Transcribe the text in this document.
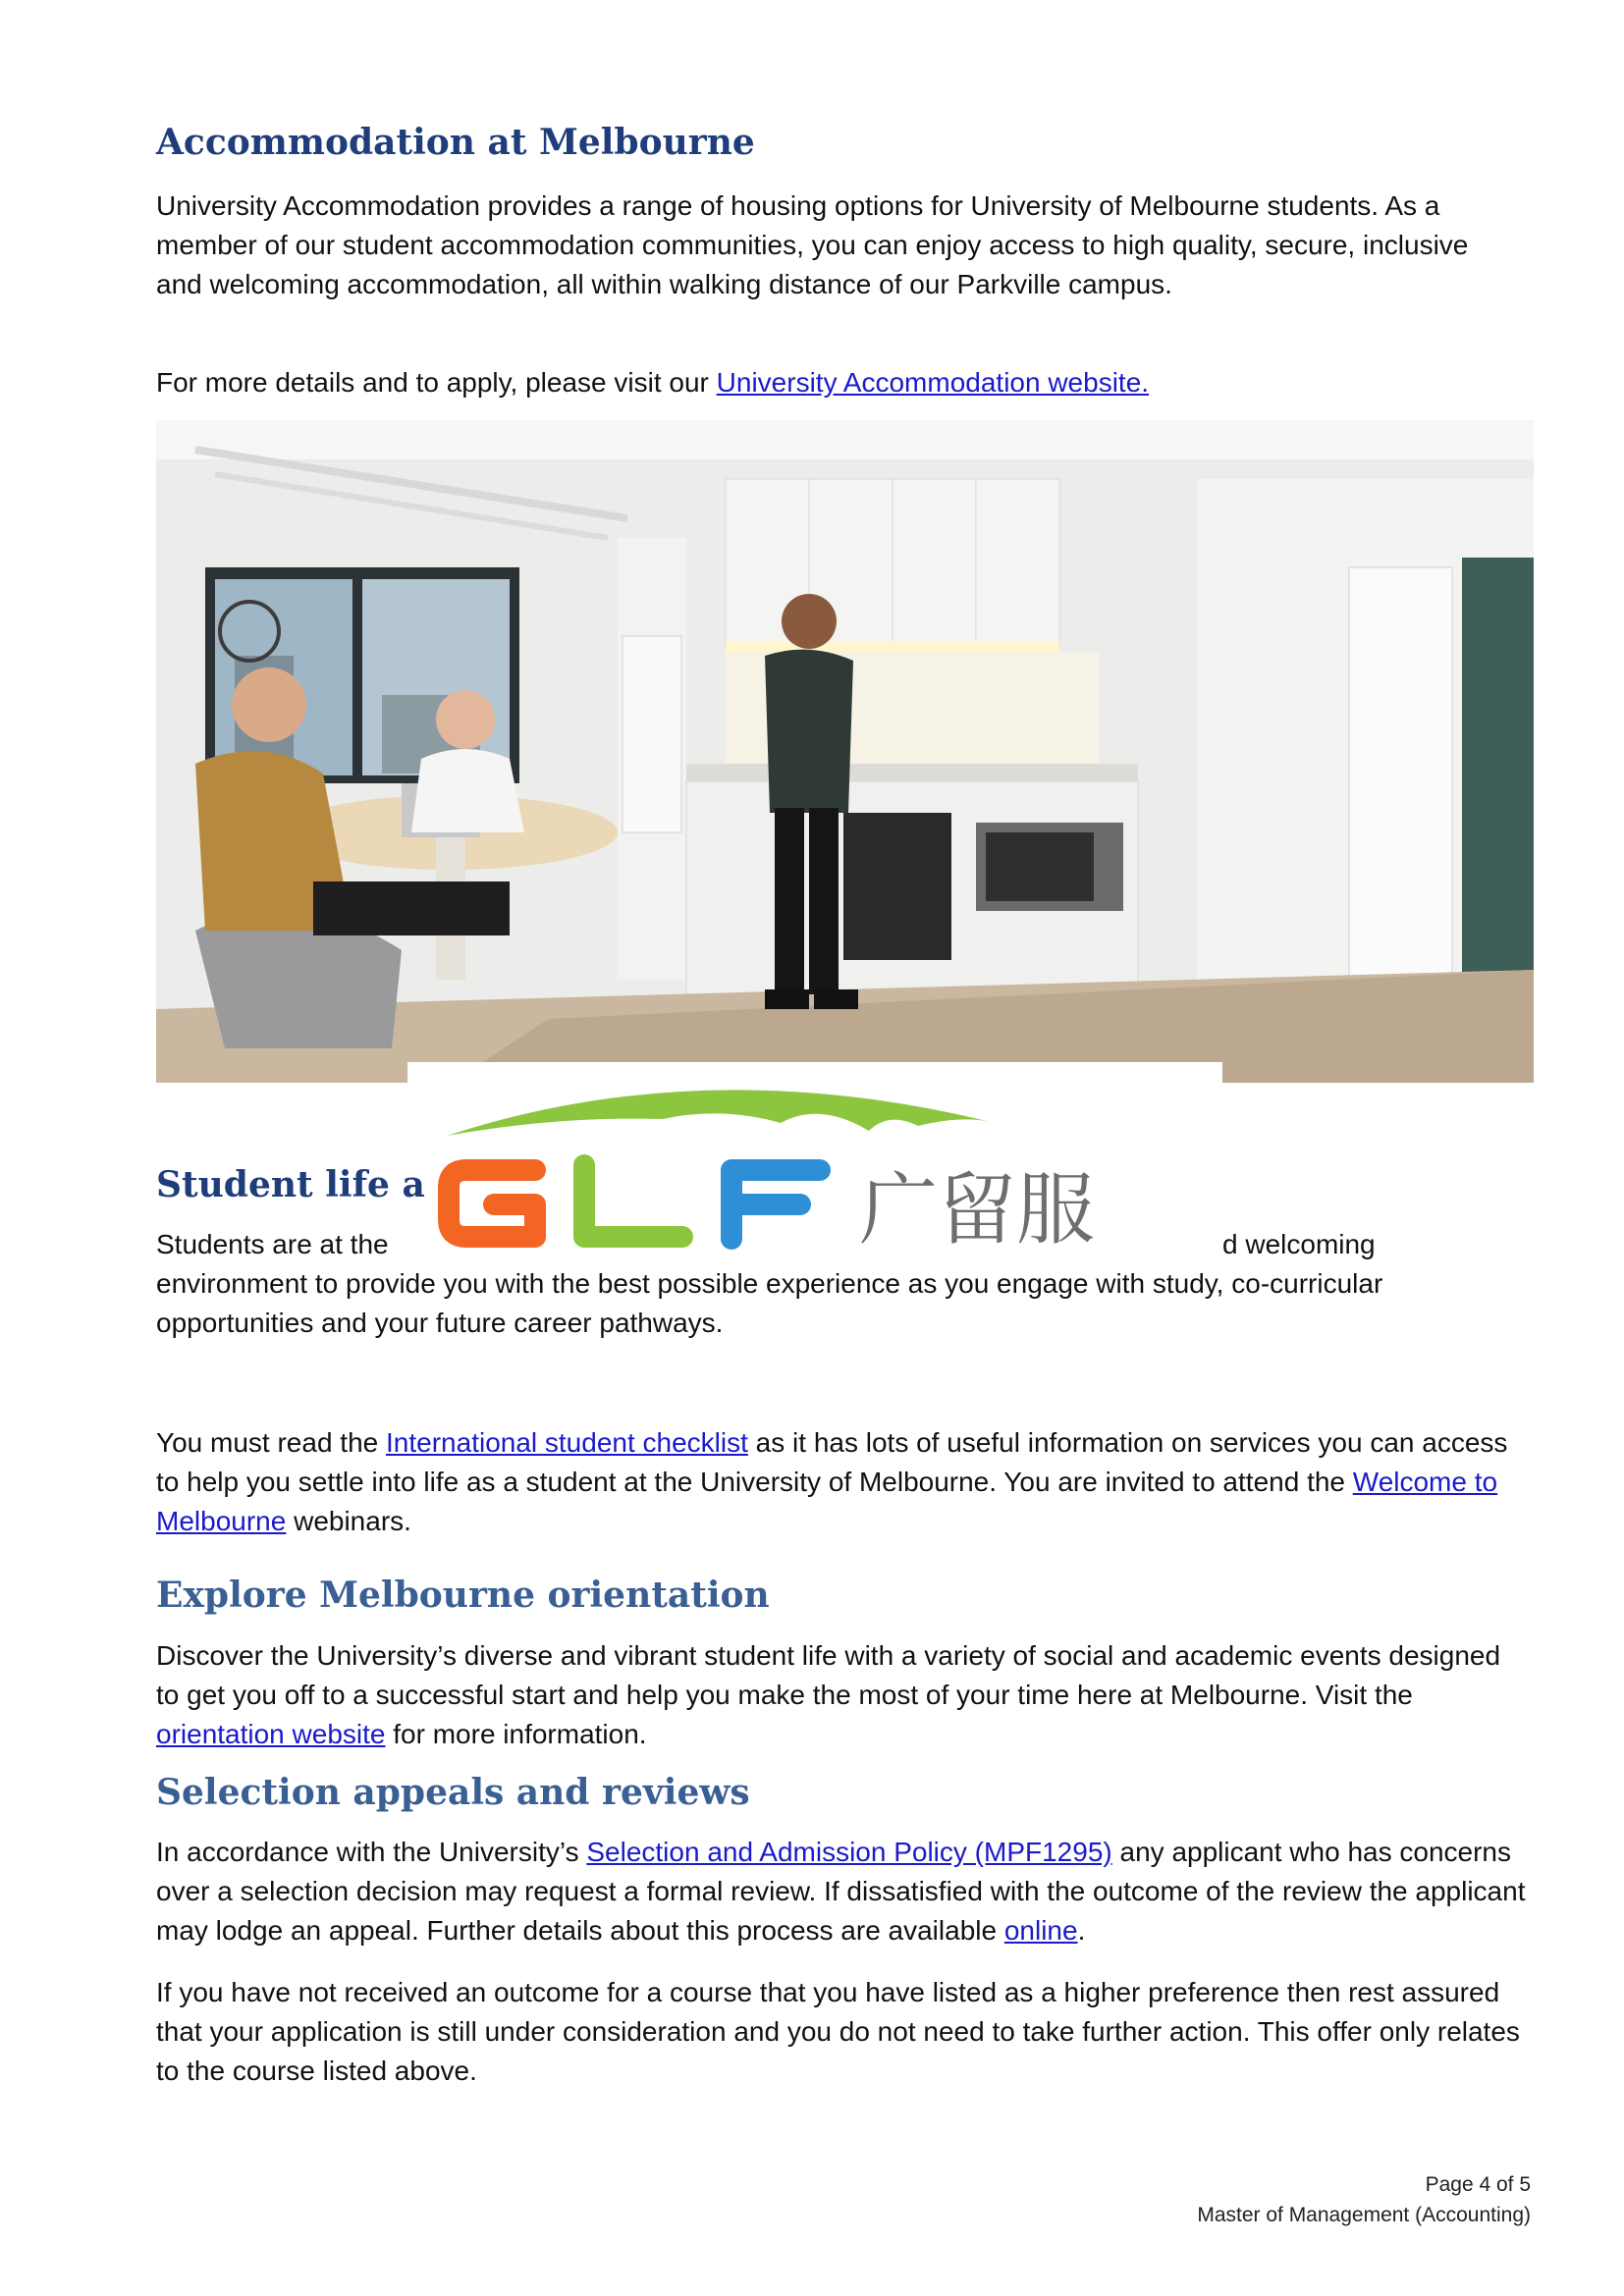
Accommodation at Melbourne

University Accommodation provides a range of housing options for University of Melbourne students. As a member of our student accommodation communities, you can enjoy access to high quality, secure, inclusive and welcoming accommodation, all within walking distance of our Parkville campus.

For more details and to apply, please visit our University Accommodation website.

广留服
Student life a
Students are at the	d welcoming

environment to provide you with the best possible experience as you engage with study, co-curricular opportunities and your future career pathways.

You must read the International student checklist as it has lots of useful information on services you can access to help you settle into life as a student at the University of Melbourne. You are invited to attend the Welcome to Melbourne webinars.

Explore Melbourne orientation

Discover the University’s diverse and vibrant student life with a variety of social and academic events designed to get you off to a successful start and help you make the most of your time here at Melbourne. Visit the orientation website for more information.

Selection appeals and reviews

In accordance with the University’s Selection and Admission Policy (MPF1295) any applicant who has concerns over a selection decision may request a formal review. If dissatisfied with the outcome of the review the applicant may lodge an appeal. Further details about this process are available online.

If you have not received an outcome for a course that you have listed as a higher preference then rest assured that your application is still under consideration and you do not need to take further action. This offer only relates to the course listed above.

Page 4 of 5
Master of Management (Accounting)
